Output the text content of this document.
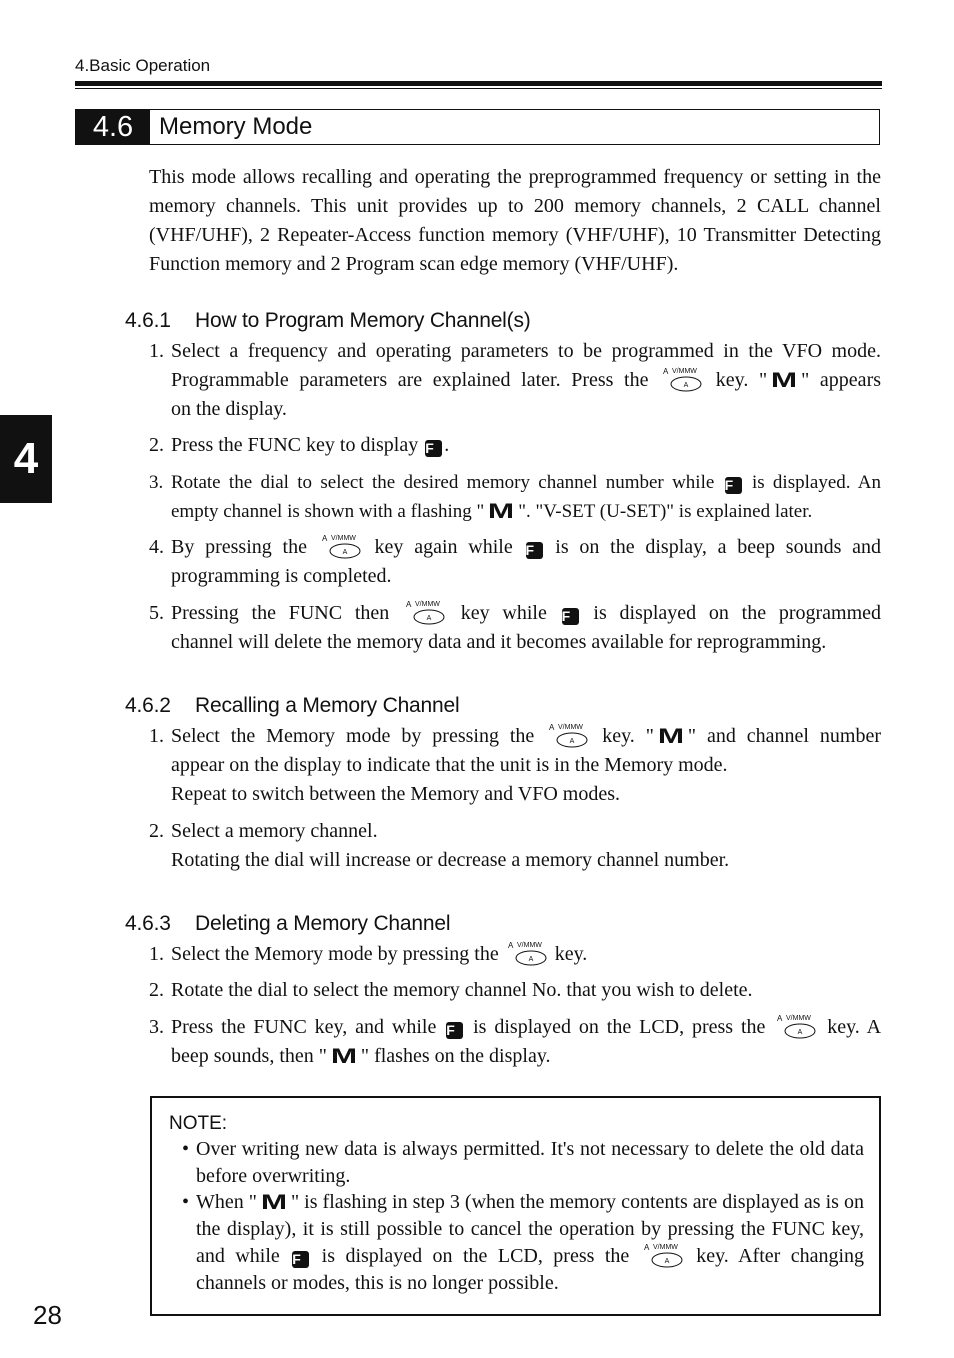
4.Basic Operation
4.6	Memory Mode
4
This mode allows recalling and operating the preprogrammed frequency or setting in the memory channels. This unit provides up to 200 memory channels, 2 CALL channel (VHF/UHF), 2 Repeater-Access function memory (VHF/UHF), 10 Transmitter Detecting Function memory and 2 Program scan edge memory (VHF/UHF).
4.6.1 How to Program Memory Channel(s)
1. Select a frequency and operating parameters to be programmed in the VFO mode.
Programmable parameters are explained later. Press the A V/MMW
A key. " M " appears
on the display.
2. Press the FUNC key to display F .
3. Rotate the dial to select the desired memory channel number while F is displayed. An
empty channel is shown with a flashing " M ". "V-SET (U-SET)" is explained later.
4. By pressing the A V/MMW
A key again while F is on the display, a beep sounds and
programming is completed.
5. Pressing the FUNC then A V/MMW
A key while F is displayed on the programmed
channel will delete the memory data and it becomes available for reprogramming.
4.6.2 Recalling a Memory Channel
1. Select the Memory mode by pressing the A V/MMW
A key. " M " and channel number
appear on the display to indicate that the unit is in the Memory mode.
Repeat to switch between the Memory and VFO modes.
2. Select a memory channel.
Rotating the dial will increase or decrease a memory channel number.
4.6.3 Deleting a Memory Channel
1. Select the Memory mode by pressing the A V/MMW
A key.
2. Rotate the dial to select the memory channel No. that you wish to delete.
3. Press the FUNC key, and while F is displayed on the LCD, press the A V/MMW
A key. A
beep sounds, then " M " flashes on the display.
NOTE:
• Over writing new data is always permitted. It's not necessary to delete the old data before overwriting.
• When " M " is flashing in step 3 (when the memory contents are displayed as is on the display), it is still possible to cancel the operation by pressing the FUNC key, and while F is displayed on the LCD, press the A V/MMW
A key. After changing channels or modes, this is no longer possible.
28
